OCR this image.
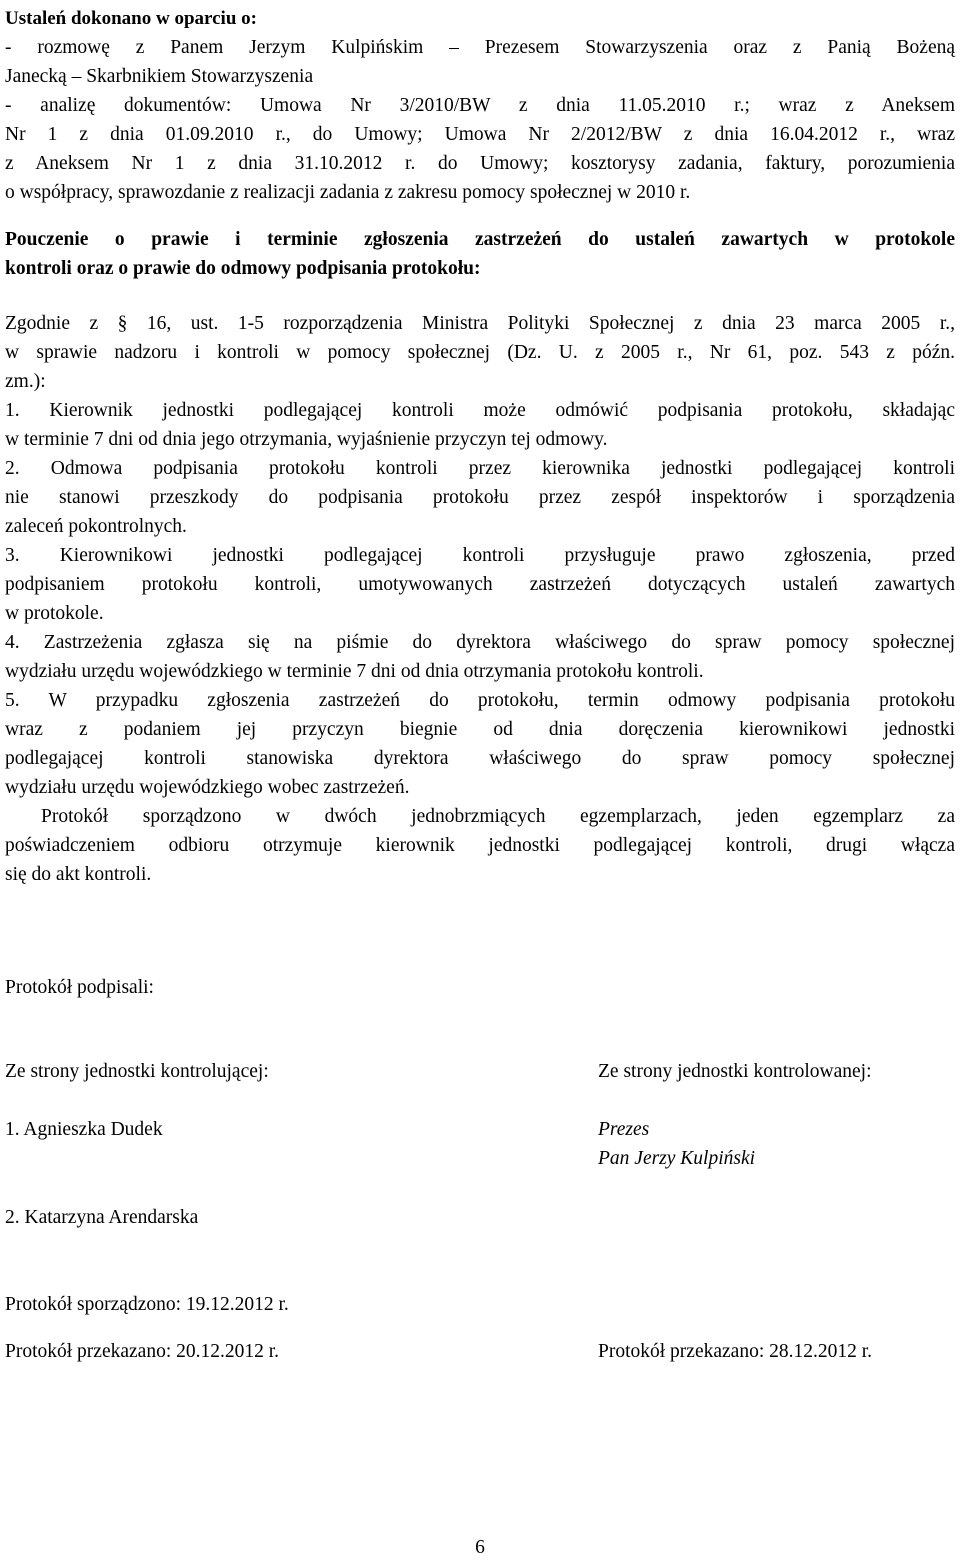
Ustaleń dokonano w oparciu o:

- rozmowę z Panem Jerzym Kulpińskim – Prezesem Stowarzyszenia oraz z Panią Bożeną

Janecką – Skarbnikiem Stowarzyszenia

- analizę dokumentów: Umowa Nr 3/2010/BW z dnia 11.05.2010 r.; wraz z Aneksem

Nr 1 z dnia 01.09.2010 r., do Umowy; Umowa Nr 2/2012/BW z dnia 16.04.2012 r., wraz

z Aneksem Nr 1 z dnia 31.10.2012 r. do Umowy; kosztorysy zadania, faktury, porozumienia

o współpracy, sprawozdanie z realizacji zadania z zakresu pomocy społecznej w 2010 r.

Pouczenie o prawie i terminie zgłoszenia zastrzeżeń do ustaleń zawartych w protokole

kontroli oraz o prawie do odmowy podpisania protokołu:

Zgodnie z § 16, ust. 1-5 rozporządzenia Ministra Polityki Społecznej z dnia 23 marca 2005 r.,

w sprawie nadzoru i kontroli w pomocy społecznej (Dz. U. z 2005 r., Nr 61, poz. 543 z późn.

zm.):

1. Kierownik jednostki podlegającej kontroli może odmówić podpisania protokołu, składając

w terminie 7 dni od dnia jego otrzymania, wyjaśnienie przyczyn tej odmowy.

2. Odmowa podpisania protokołu kontroli przez kierownika jednostki podlegającej kontroli

nie stanowi przeszkody do podpisania protokołu przez zespół inspektorów i sporządzenia

zaleceń pokontrolnych.

3. Kierownikowi jednostki podlegającej kontroli przysługuje prawo zgłoszenia, przed

podpisaniem protokołu kontroli, umotywowanych zastrzeżeń dotyczących ustaleń zawartych

w protokole.

4. Zastrzeżenia zgłasza się na piśmie do dyrektora właściwego do spraw pomocy społecznej

wydziału urzędu wojewódzkiego w terminie 7 dni od dnia otrzymania protokołu kontroli.

5. W przypadku zgłoszenia zastrzeżeń do protokołu, termin odmowy podpisania protokołu

wraz z podaniem jej przyczyn biegnie od dnia doręczenia kierownikowi jednostki

podlegającej kontroli stanowiska dyrektora właściwego do spraw pomocy społecznej

wydziału urzędu wojewódzkiego wobec zastrzeżeń.

Protokół sporządzono w dwóch jednobrzmiących egzemplarzach, jeden egzemplarz za

poświadczeniem odbioru otrzymuje kierownik jednostki podlegającej kontroli, drugi włącza

się do akt kontroli.

Protokół podpisali:

Ze strony jednostki kontrolującej:	Ze strony jednostki kontrolowanej:
1. Agnieszka Dudek	Prezes
Pan Jerzy Kulpiński
2. Katarzyna Arendarska
Protokół sporządzono: 19.12.2012 r.
Protokół przekazano: 20.12.2012 r.	Protokół przekazano: 28.12.2012 r.
6
